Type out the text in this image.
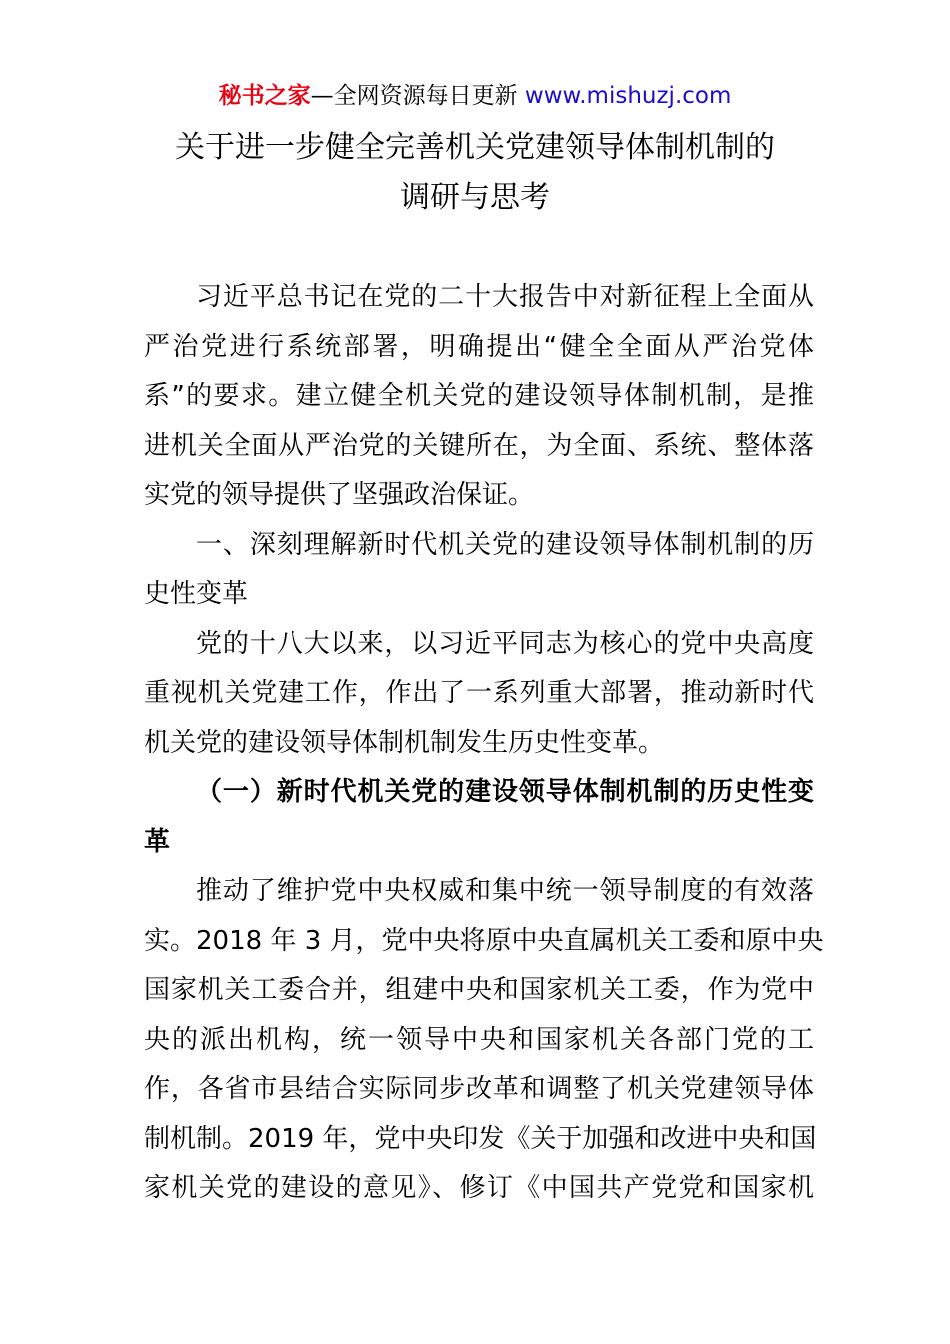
秘书之家—全网资源每日更新 www.mishuzj.com
关于进一步健全完善机关党建领导体制机制的
调研与思考
习近平总书记在党的二十大报告中对新征程上全面从
严治党进行系统部署，明确提出“健全全面从严治党体
系”的要求。建立健全机关党的建设领导体制机制，是推
进机关全面从严治党的关键所在，为全面、系统、整体落
实党的领导提供了坚强政治保证。
一、深刻理解新时代机关党的建设领导体制机制的历
史性变革
党的十八大以来，以习近平同志为核心的党中央高度
重视机关党建工作，作出了一系列重大部署，推动新时代
机关党的建设领导体制机制发生历史性变革。
（一）新时代机关党的建设领导体制机制的历史性变
革
推动了维护党中央权威和集中统一领导制度的有效落
实。2018 年 3 月，党中央将原中央直属机关工委和原中央
国家机关工委合并，组建中央和国家机关工委，作为党中
央的派出机构，统一领导中央和国家机关各部门党的工
作，各省市县结合实际同步改革和调整了机关党建领导体
制机制。2019 年，党中央印发《关于加强和改进中央和国
家机关党的建设的意见》、修订《中国共产党党和国家机
